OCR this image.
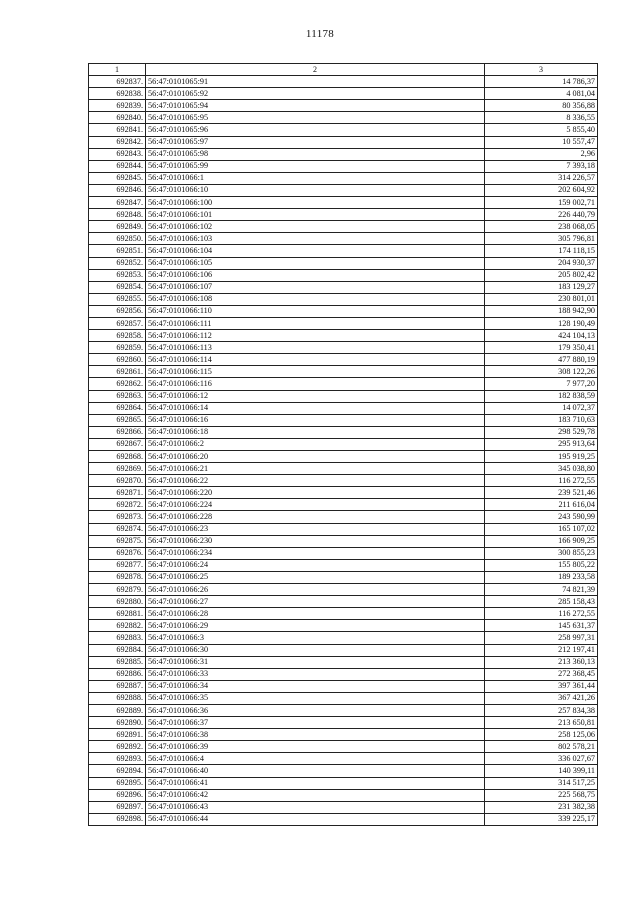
11178
1	2	3
692837.	56:47:0101065:91	14 786,37
692838.	56:47:0101065:92	4 081,04
692839.	56:47:0101065:94	80 356,88
692840.	56:47:0101065:95	8 336,55
692841.	56:47:0101065:96	5 855,40
692842.	56:47:0101065:97	10 557,47
692843.	56:47:0101065:98	2,96
692844.	56:47:0101065:99	7 393,18
692845.	56:47:0101066:1	314 226,57
692846.	56:47:0101066:10	202 604,92
692847.	56:47:0101066:100	159 002,71
692848.	56:47:0101066:101	226 440,79
692849.	56:47:0101066:102	238 068,05
692850.	56:47:0101066:103	305 796,81
692851.	56:47:0101066:104	174 118,15
692852.	56:47:0101066:105	204 930,37
692853.	56:47:0101066:106	205 802,42
692854.	56:47:0101066:107	183 129,27
692855.	56:47:0101066:108	230 801,01
692856.	56:47:0101066:110	188 942,90
692857.	56:47:0101066:111	128 190,49
692858.	56:47:0101066:112	424 104,13
692859.	56:47:0101066:113	179 350,41
692860.	56:47:0101066:114	477 880,19
692861.	56:47:0101066:115	308 122,26
692862.	56:47:0101066:116	7 977,20
692863.	56:47:0101066:12	182 838,59
692864.	56:47:0101066:14	14 072,37
692865.	56:47:0101066:16	183 710,63
692866.	56:47:0101066:18	298 529,78
692867.	56:47:0101066:2	295 913,64
692868.	56:47:0101066:20	195 919,25
692869.	56:47:0101066:21	345 038,80
692870.	56:47:0101066:22	116 272,55
692871.	56:47:0101066:220	239 521,46
692872.	56:47:0101066:224	211 616,04
692873.	56:47:0101066:228	243 590,99
692874.	56:47:0101066:23	165 107,02
692875.	56:47:0101066:230	166 909,25
692876.	56:47:0101066:234	300 855,23
692877.	56:47:0101066:24	155 805,22
692878.	56:47:0101066:25	189 233,58
692879.	56:47:0101066:26	74 821,39
692880.	56:47:0101066:27	285 158,43
692881.	56:47:0101066:28	116 272,55
692882.	56:47:0101066:29	145 631,37
692883.	56:47:0101066:3	258 997,31
692884.	56:47:0101066:30	212 197,41
692885.	56:47:0101066:31	213 360,13
692886.	56:47:0101066:33	272 368,45
692887.	56:47:0101066:34	397 361,44
692888.	56:47:0101066:35	367 421,26
692889.	56:47:0101066:36	257 834,38
692890.	56:47:0101066:37	213 650,81
692891.	56:47:0101066:38	258 125,06
692892.	56:47:0101066:39	802 578,21
692893.	56:47:0101066:4	336 027,67
692894.	56:47:0101066:40	140 399,11
692895.	56:47:0101066:41	314 517,25
692896.	56:47:0101066:42	225 568,75
692897.	56:47:0101066:43	231 382,38
692898.	56:47:0101066:44	339 225,17
